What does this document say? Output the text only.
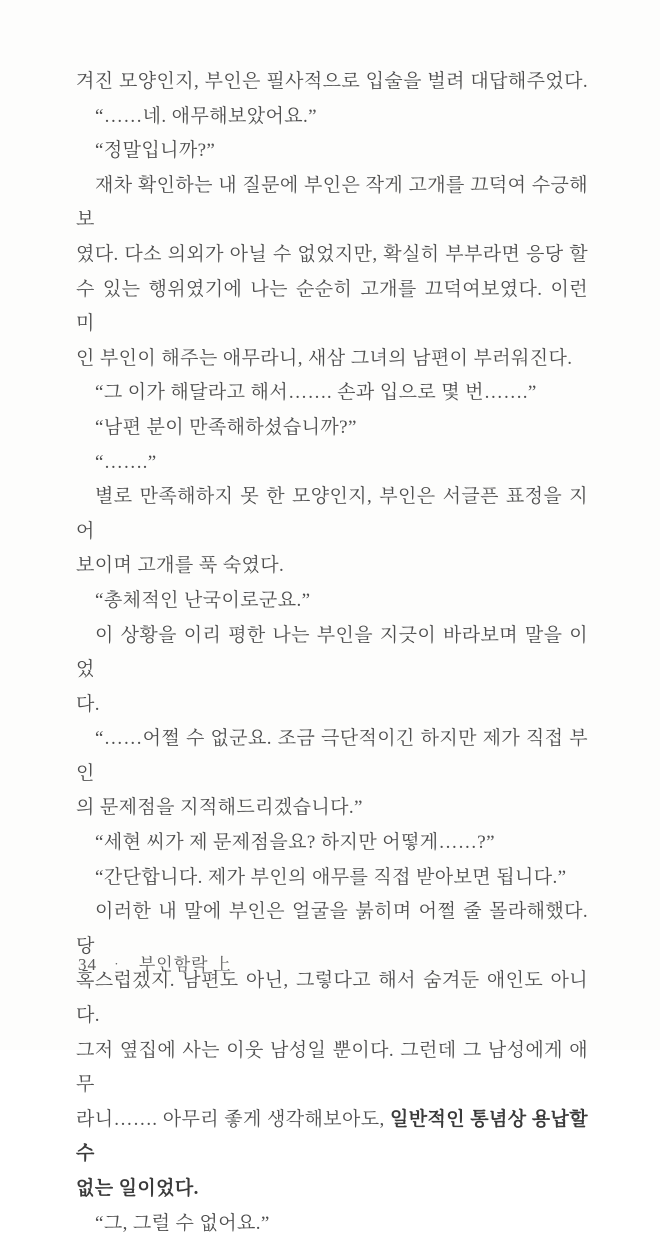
겨진 모양인지, 부인은 필사적으로 입술을 벌려 대답해주었다.
“……네. 애무해보았어요.”
“정말입니까?”
재차 확인하는 내 질문에 부인은 작게 고개를 끄덕여 수긍해보
였다. 다소 의외가 아닐 수 없었지만, 확실히 부부라면 응당 할
수 있는 행위였기에 나는 순순히 고개를 끄덕여보였다. 이런 미
인 부인이 해주는 애무라니, 새삼 그녀의 남편이 부러워진다.
“그 이가 해달라고 해서……. 손과 입으로 몇 번…….”
“남편 분이 만족해하셨습니까?”
“…….”
별로 만족해하지 못 한 모양인지, 부인은 서글픈 표정을 지어
보이며 고개를 푹 숙였다.
“총체적인 난국이로군요.”
이 상황을 이리 평한 나는 부인을 지긋이 바라보며 말을 이었
다.
“……어쩔 수 없군요. 조금 극단적이긴 하지만 제가 직접 부인
의 문제점을 지적해드리겠습니다.”
“세현 씨가 제 문제점을요? 하지만 어떻게……?”
“간단합니다. 제가 부인의 애무를 직접 받아보면 됩니다.”
이러한 내 말에 부인은 얼굴을 붉히며 어쩔 줄 몰라해했다. 당
혹스럽겠지. 남편도 아닌, 그렇다고 해서 숨겨둔 애인도 아니다.
그저 옆집에 사는 이웃 남성일 뿐이다. 그런데 그 남성에게 애무
라니……. 아무리 좋게 생각해보아도, 일반적인 통념상 용납할 수
없는 일이었다.
“그, 그럴 수 없어요.”
34 · 부인함락 上
